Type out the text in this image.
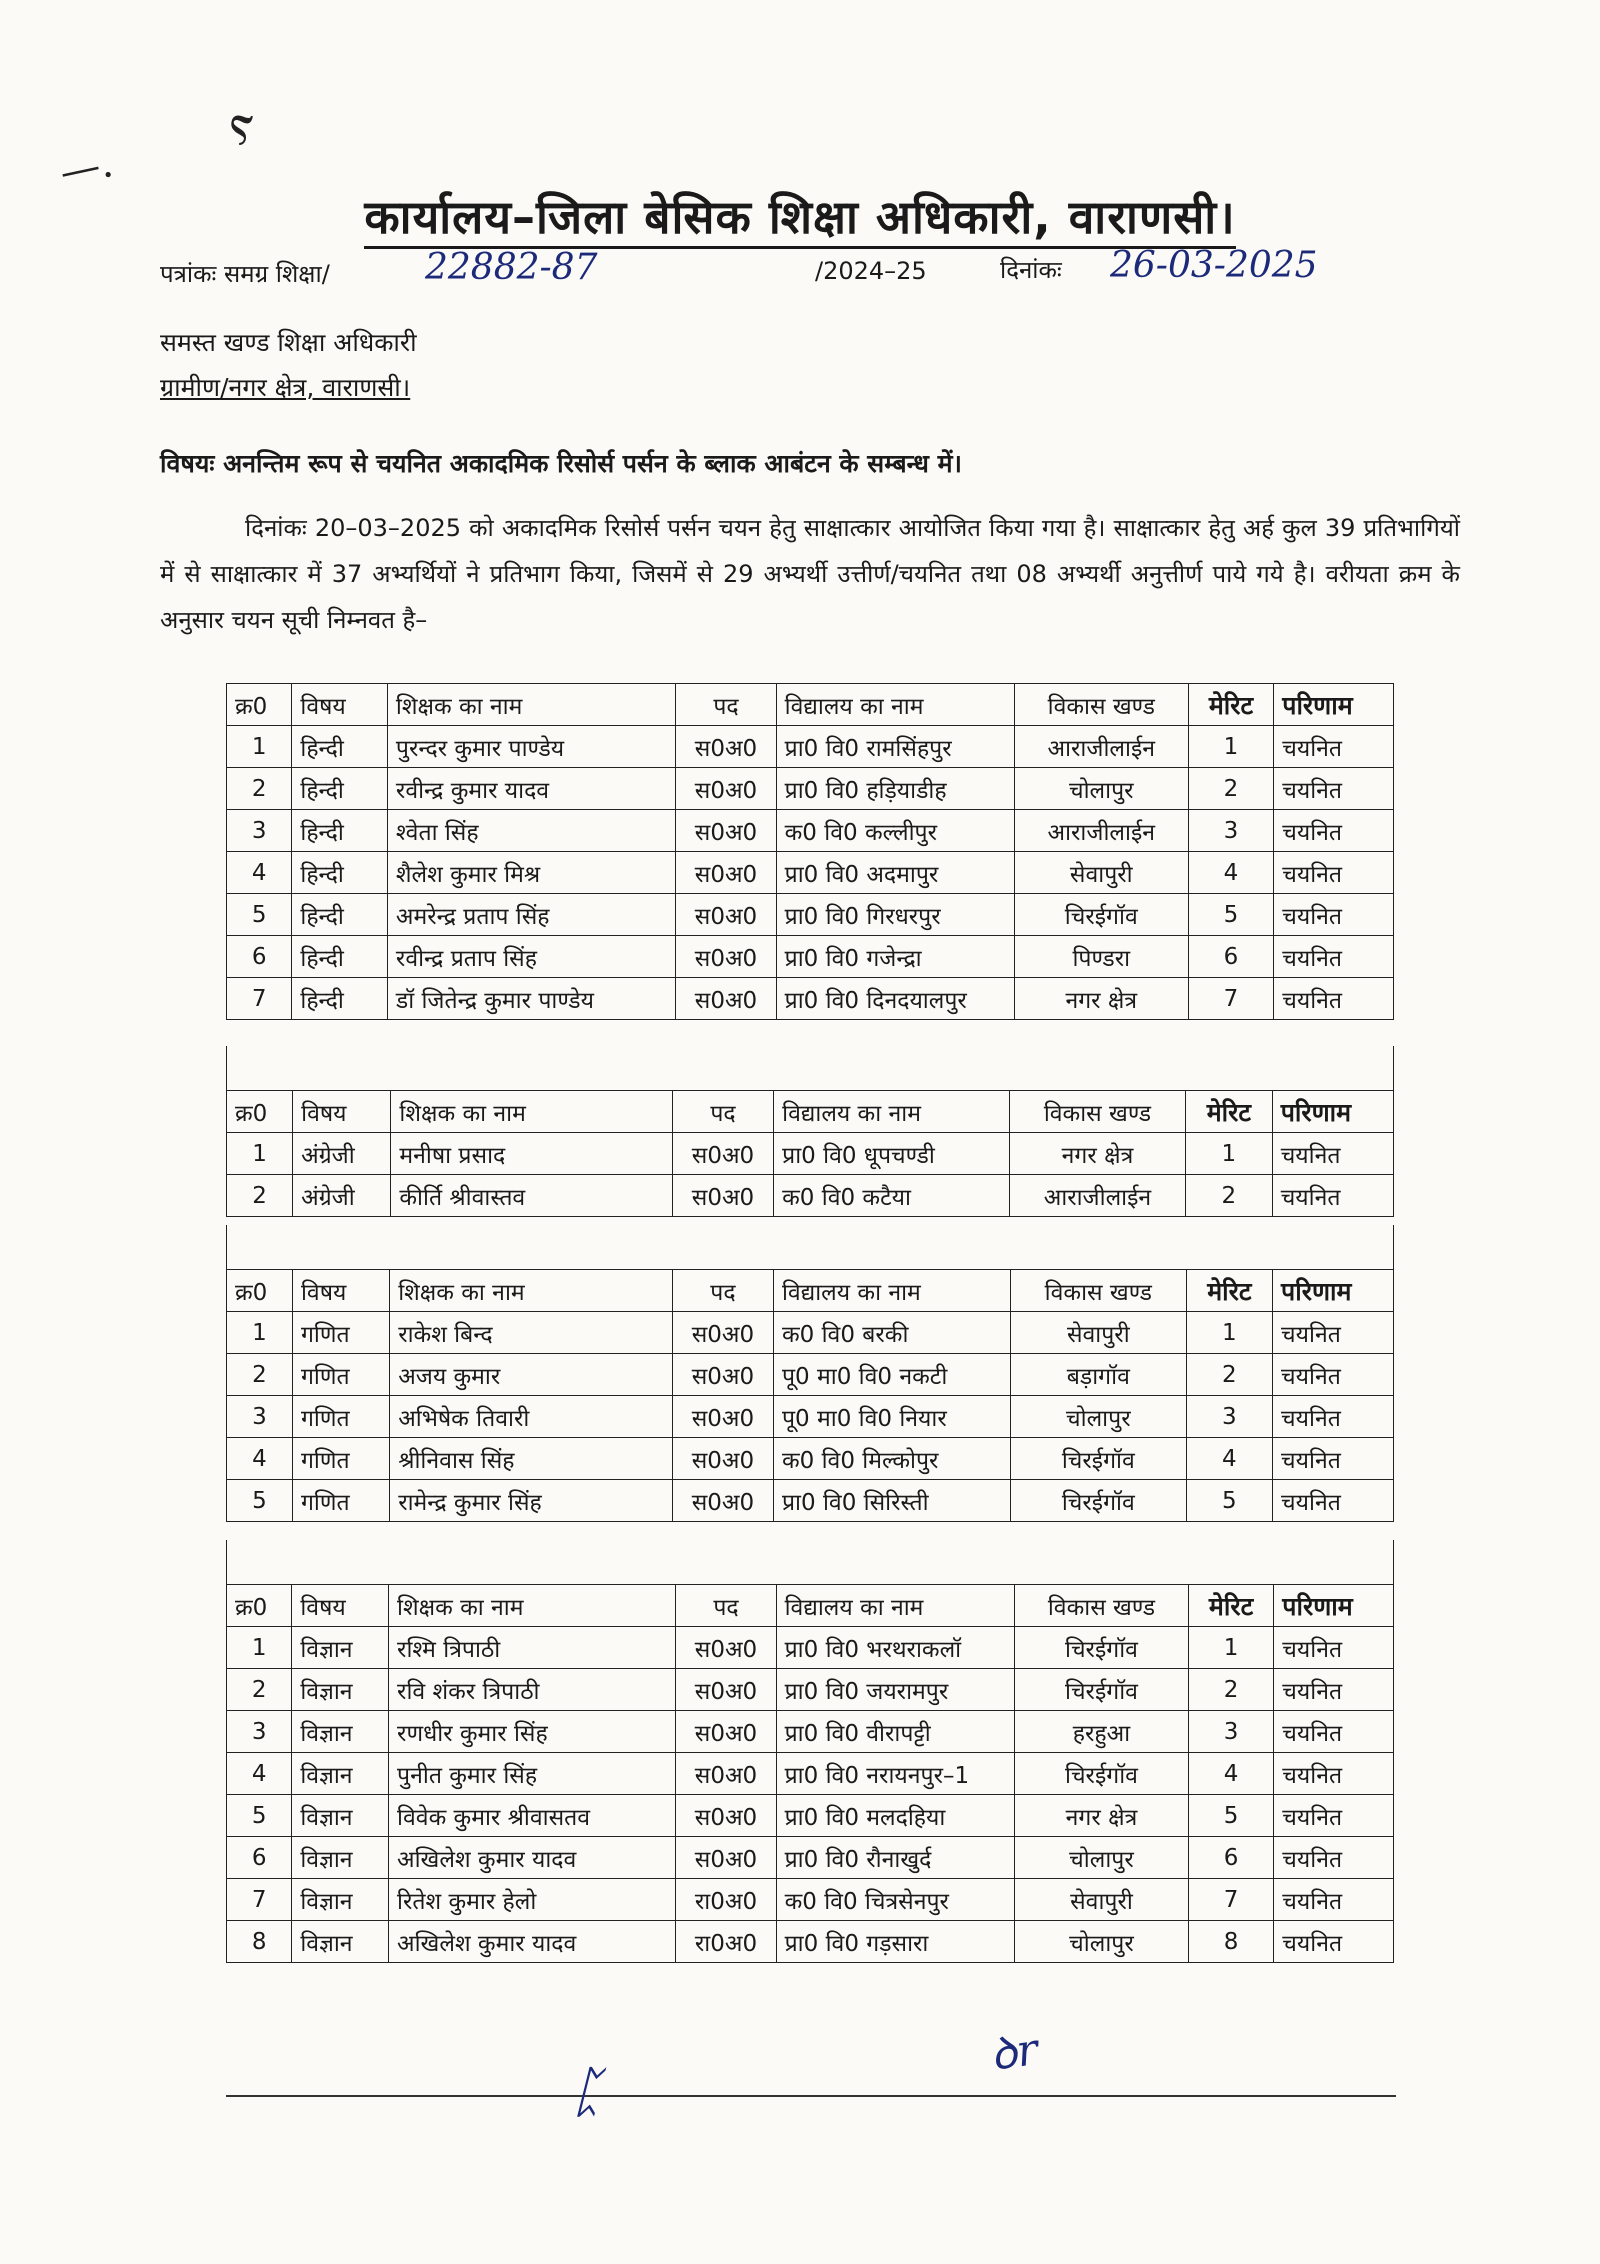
—.
ⲋ
कार्यालय–जिला बेसिक शिक्षा अधिकारी, वाराणसी।
पत्रांकः समग्र शिक्षा/	22882-87	/2024–25	दिनांकः 26-03-2025
समस्त खण्ड शिक्षा अधिकारी
ग्रामीण/नगर क्षेत्र, वाराणसी।
विषयः अनन्तिम रूप से चयनित अकादमिक रिसोर्स पर्सन के ब्लाक आबंटन के सम्बन्ध में।
दिनांकः 20–03–2025 को अकादमिक रिसोर्स पर्सन चयन हेतु साक्षात्कार आयोजित किया गया है। साक्षात्कार हेतु अर्ह कुल 39 प्रतिभागियों में से साक्षात्कार में 37 अभ्यर्थियों ने प्रतिभाग किया, जिसमें से 29 अभ्यर्थी उत्तीर्ण/चयनित तथा 08 अभ्यर्थी अनुत्तीर्ण पाये गये है। वरीयता क्रम के अनुसार चयन सूची निम्नवत है–
क्र0	विषय	शिक्षक का नाम	पद	विद्यालय का नाम	विकास खण्ड	मेरिट	परिणाम
1	हिन्दी	पुरन्दर कुमार पाण्डेय	स0अ0	प्रा0 वि0 रामसिंहपुर	आराजीलाईन	1	चयनित
2	हिन्दी	रवीन्द्र कुमार यादव	स0अ0	प्रा0 वि0 हड़ियाडीह	चोलापुर	2	चयनित
3	हिन्दी	श्वेता सिंह	स0अ0	क0 वि0 कल्लीपुर	आराजीलाईन	3	चयनित
4	हिन्दी	शैलेश कुमार मिश्र	स0अ0	प्रा0 वि0 अदमापुर	सेवापुरी	4	चयनित
5	हिन्दी	अमरेन्द्र प्रताप सिंह	स0अ0	प्रा0 वि0 गिरधरपुर	चिरईगॉव	5	चयनित
6	हिन्दी	रवीन्द्र प्रताप सिंह	स0अ0	प्रा0 वि0 गजेन्द्रा	पिण्डरा	6	चयनित
7	हिन्दी	डॉ जितेन्द्र कुमार पाण्डेय	स0अ0	प्रा0 वि0 दिनदयालपुर	नगर क्षेत्र	7	चयनित
क्र0	विषय	शिक्षक का नाम	पद	विद्यालय का नाम	विकास खण्ड	मेरिट	परिणाम
1	अंग्रेजी	मनीषा प्रसाद	स0अ0	प्रा0 वि0 धूपचण्डी	नगर क्षेत्र	1	चयनित
2	अंग्रेजी	कीर्ति श्रीवास्तव	स0अ0	क0 वि0 कटैया	आराजीलाईन	2	चयनित
क्र0	विषय	शिक्षक का नाम	पद	विद्यालय का नाम	विकास खण्ड	मेरिट	परिणाम
1	गणित	राकेश बिन्द	स0अ0	क0 वि0 बरकी	सेवापुरी	1	चयनित
2	गणित	अजय कुमार	स0अ0	पू0 मा0 वि0 नकटी	बड़ागॉव	2	चयनित
3	गणित	अभिषेक तिवारी	स0अ0	पू0 मा0 वि0 नियार	चोलापुर	3	चयनित
4	गणित	श्रीनिवास सिंह	स0अ0	क0 वि0 मिल्कोपुर	चिरईगॉव	4	चयनित
5	गणित	रामेन्द्र कुमार सिंह	स0अ0	प्रा0 वि0 सिरिस्ती	चिरईगॉव	5	चयनित
क्र0	विषय	शिक्षक का नाम	पद	विद्यालय का नाम	विकास खण्ड	मेरिट	परिणाम
1	विज्ञान	रश्मि त्रिपाठी	स0अ0	प्रा0 वि0 भरथराकलॉ	चिरईगॉव	1	चयनित
2	विज्ञान	रवि शंकर त्रिपाठी	स0अ0	प्रा0 वि0 जयरामपुर	चिरईगॉव	2	चयनित
3	विज्ञान	रणधीर कुमार सिंह	स0अ0	प्रा0 वि0 वीरापट्टी	हरहुआ	3	चयनित
4	विज्ञान	पुनीत कुमार सिंह	स0अ0	प्रा0 वि0 नरायनपुर–1	चिरईगॉव	4	चयनित
5	विज्ञान	विवेक कुमार श्रीवासतव	स0अ0	प्रा0 वि0 मलदहिया	नगर क्षेत्र	5	चयनित
6	विज्ञान	अखिलेश कुमार यादव	स0अ0	प्रा0 वि0 रौनाखुर्द	चोलापुर	6	चयनित
7	विज्ञान	रितेश कुमार हेलो	रा0अ0	क0 वि0 चित्रसेनपुर	सेवापुरी	7	चयनित
8	विज्ञान	अखिलेश कुमार यादव	रा0अ0	प्रा0 वि0 गड़सारा	चोलापुर	8	चयनित
ꝺr
ᛈ
